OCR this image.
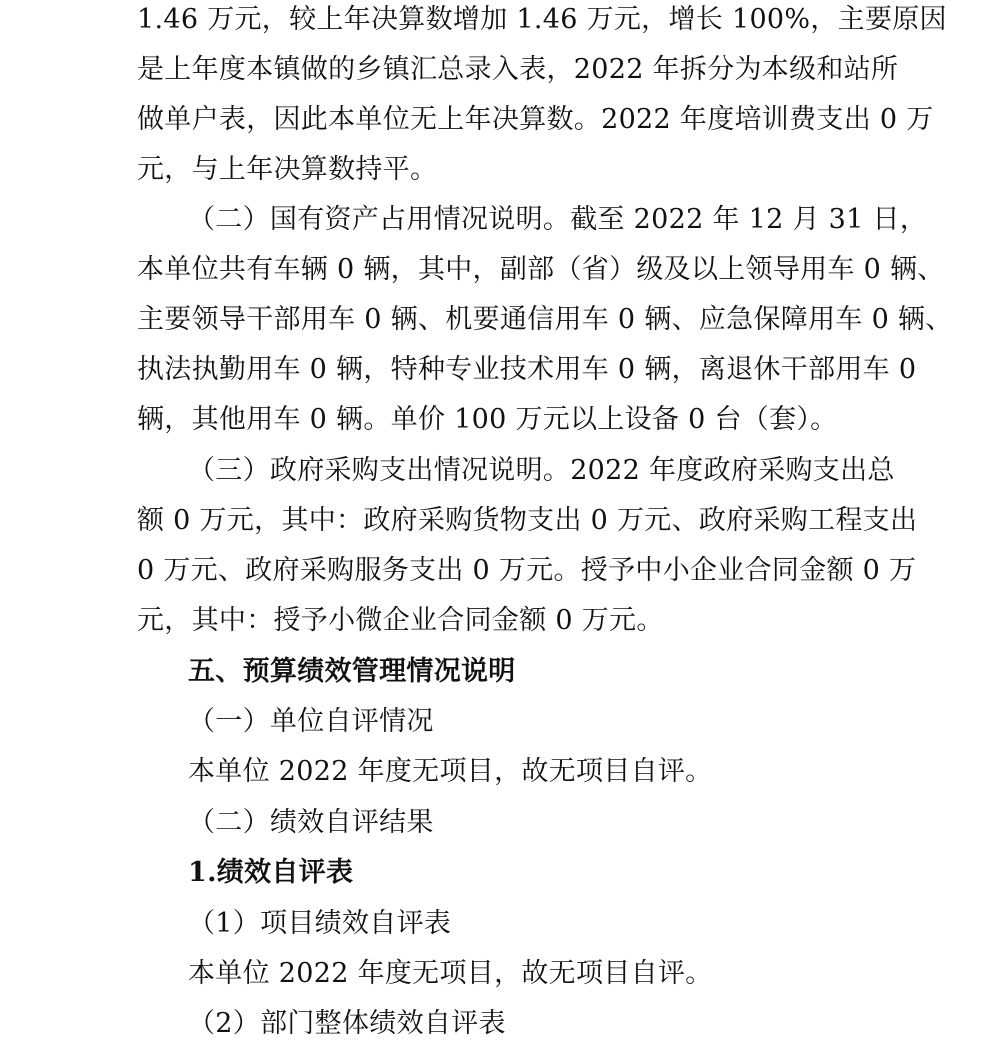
1.46 万元，较上年决算数增加 1.46 万元，增长 100%，主要原因
是上年度本镇做的乡镇汇总录入表，2022 年拆分为本级和站所
做单户表，因此本单位无上年决算数。2022 年度培训费支出 0 万
元，与上年决算数持平。
（二）国有资产占用情况说明。截至 2022 年 12 月 31 日，
本单位共有车辆 0 辆，其中，副部（省）级及以上领导用车 0 辆、
主要领导干部用车 0 辆、机要通信用车 0 辆、应急保障用车 0 辆、
执法执勤用车 0 辆，特种专业技术用车 0 辆，离退休干部用车 0
辆，其他用车 0 辆。单价 100 万元以上设备 0 台（套）。
（三）政府采购支出情况说明。2022 年度政府采购支出总
额 0 万元，其中：政府采购货物支出 0 万元、政府采购工程支出
0 万元、政府采购服务支出 0 万元。授予中小企业合同金额 0 万
元，其中：授予小微企业合同金额 0 万元。
五、预算绩效管理情况说明
（一）单位自评情况
本单位 2022 年度无项目，故无项目自评。
（二）绩效自评结果
1.绩效自评表
（1）项目绩效自评表
本单位 2022 年度无项目，故无项目自评。
（2）部门整体绩效自评表
